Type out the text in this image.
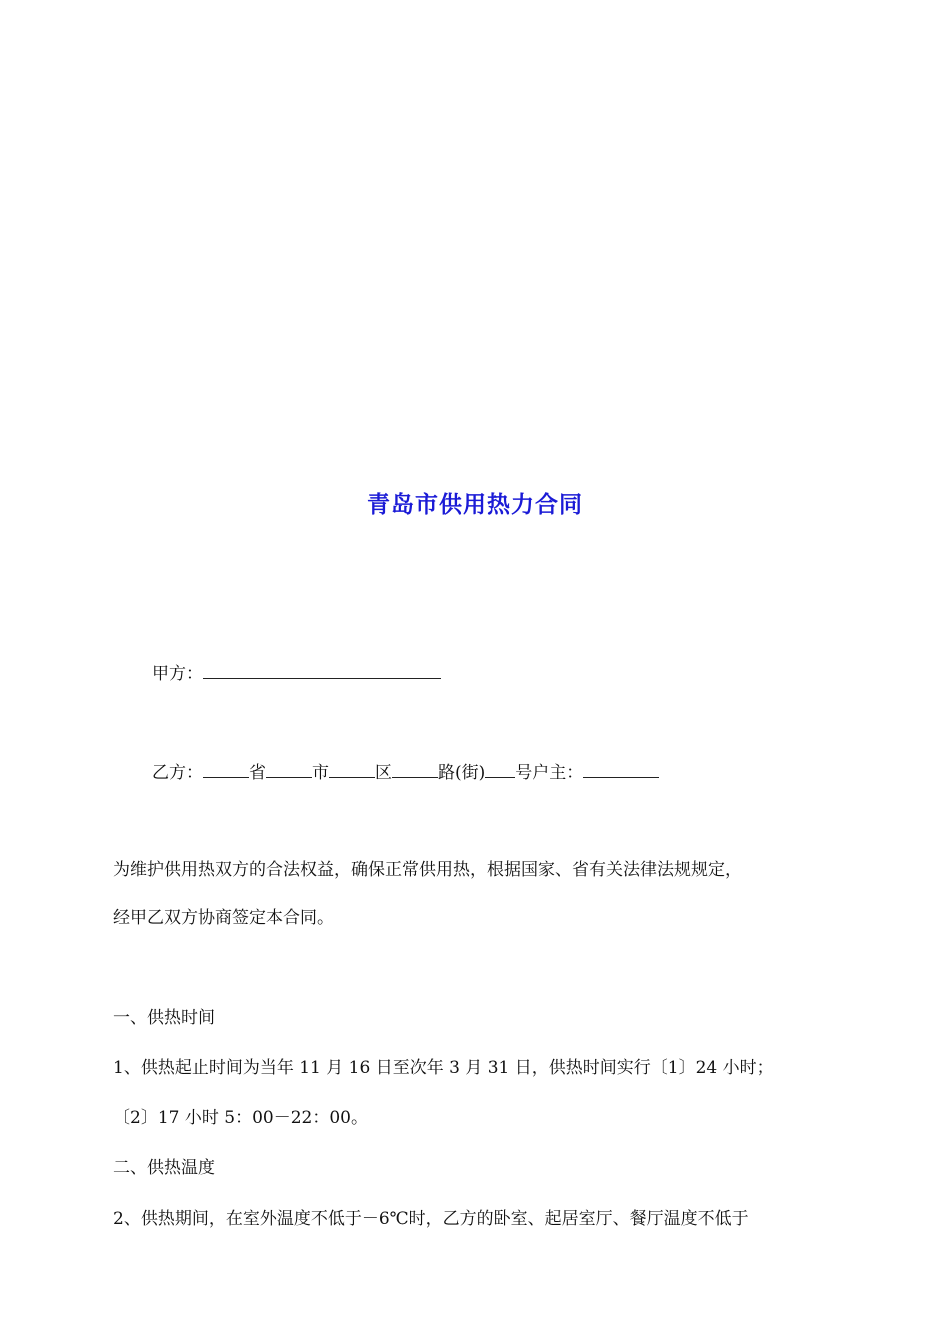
青岛市供用热力合同
甲方：
乙方：	省	市	区	路(街) 号户主：
为维护供用热双方的合法权益，确保正常供用热，根据国家、省有关法律法规规定，
经甲乙双方协商签定本合同。
一、供热时间
1、供热起止时间为当年 11 月 16 日至次年 3 月 31 日，供热时间实行〔1〕24 小时；
〔2〕17 小时 5：00－22：00。
二、供热温度
2、供热期间，在室外温度不低于－6℃时，乙方的卧室、起居室厅、餐厅温度不低于
